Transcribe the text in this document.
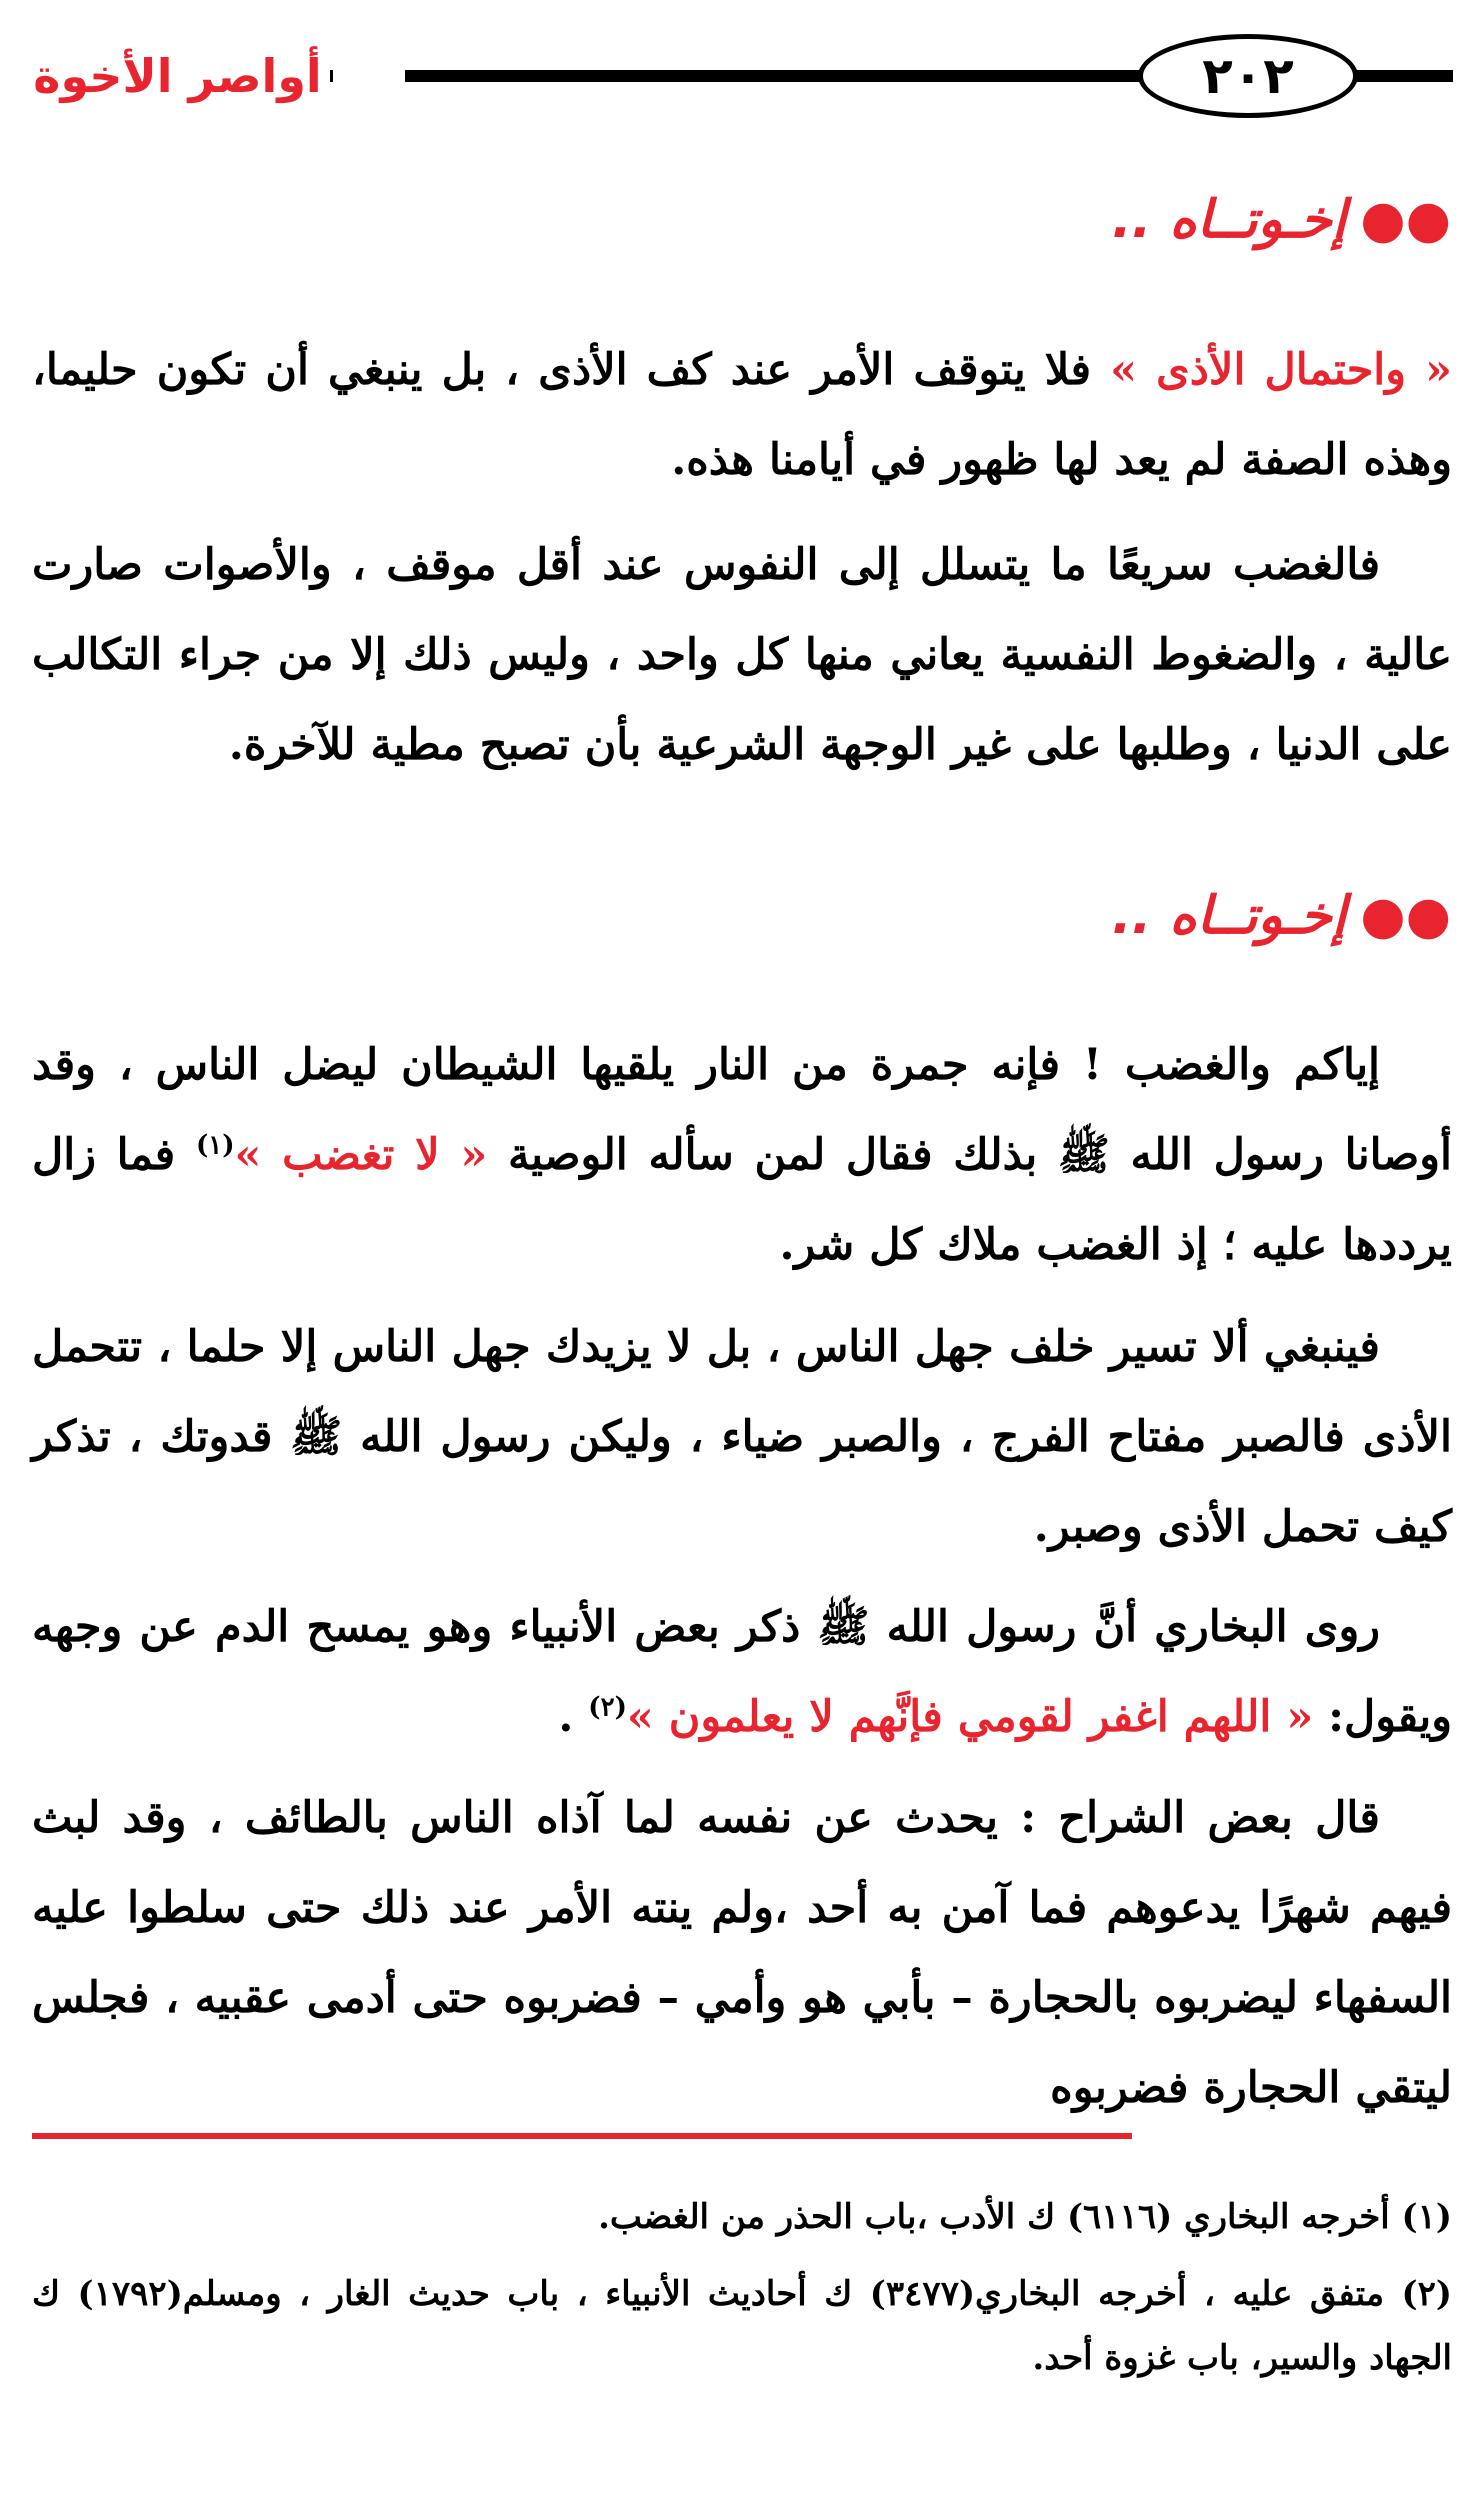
٢٠٢
أواصر الأخوة
●●إخـوتــاه ..

« واحتمال الأذى » فلا يتوقف الأمر عند كف الأذى ، بل ينبغي أن تكون حليما، وهذه الصفة لم يعد لها ظهور في أيامنا هذه.

فالغضب سريعًا ما يتسلل إلى النفوس عند أقل موقف ، والأصوات صارت عالية ، والضغوط النفسية يعاني منها كل واحد ، وليس ذلك إلا من جراء التكالب على الدنيا ، وطلبها على غير الوجهة الشرعية بأن تصبح مطية للآخرة.

●●إخـوتــاه ..

إياكم والغضب ! فإنه جمرة من النار يلقيها الشيطان ليضل الناس ، وقد أوصانا رسول الله ﷺ بذلك فقال لمن سأله الوصية « لا تغضب »$^{(١)}$ فما زال يرددها عليه ؛ إذ الغضب ملاك كل شر.

فينبغي ألا تسير خلف جهل الناس ، بل لا يزيدك جهل الناس إلا حلما ، تتحمل الأذى فالصبر مفتاح الفرج ، والصبر ضياء ، وليكن رسول الله ﷺ قدوتك ، تذكر كيف تحمل الأذى وصبر.

روى البخاري أنَّ رسول الله ﷺ ذكر بعض الأنبياء وهو يمسح الدم عن وجهه ويقول: « اللهم اغفر لقومي فإنَّهم لا يعلمون »$^{(٢)}$ .

قال بعض الشراح : يحدث عن نفسه لما آذاه الناس بالطائف ، وقد لبث فيهم شهرًا يدعوهم فما آمن به أحد ،ولم ينته الأمر عند ذلك حتى سلطوا عليه السفهاء ليضربوه بالحجارة – بأبي هو وأمي – فضربوه حتى أدمى عقبيه ، فجلس ليتقي الحجارة فضربوه

(١) أخرجه البخاري (٦١١٦) ك الأدب ،باب الحذر من الغضب.

(٢) متفق عليه ، أخرجه البخاري(٣٤٧٧) ك أحاديث الأنبياء ، باب حديث الغار ، ومسلم(١٧٩٢) ك الجهاد والسير، باب غزوة أحد.
